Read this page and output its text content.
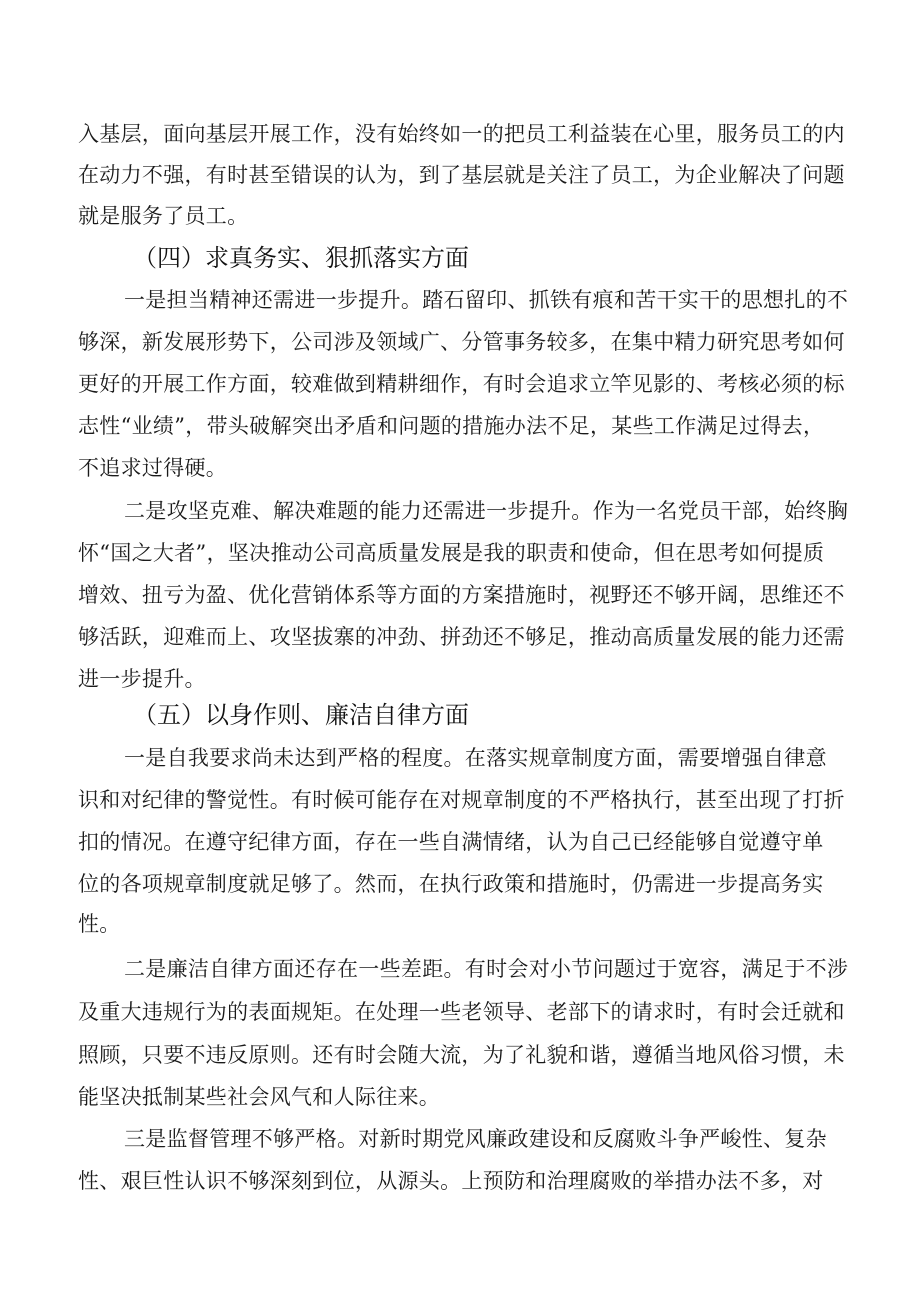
入基层，面向基层开展工作，没有始终如一的把员工利益装在心里，服务员工的内
在动力不强，有时甚至错误的认为，到了基层就是关注了员工，为企业解决了问题
就是服务了员工。
（四）求真务实、狠抓落实方面
一是担当精神还需进一步提升。踏石留印、抓铁有痕和苦干实干的思想扎的不
够深，新发展形势下，公司涉及领域广、分管事务较多，在集中精力研究思考如何
更好的开展工作方面，较难做到精耕细作，有时会追求立竿见影的、考核必须的标
志性“业绩”，带头破解突出矛盾和问题的措施办法不足，某些工作满足过得去，
不追求过得硬。
二是攻坚克难、解决难题的能力还需进一步提升。作为一名党员干部，始终胸
怀“国之大者”，坚决推动公司高质量发展是我的职责和使命，但在思考如何提质
增效、扭亏为盈、优化营销体系等方面的方案措施时，视野还不够开阔，思维还不
够活跃，迎难而上、攻坚拔寨的冲劲、拼劲还不够足，推动高质量发展的能力还需
进一步提升。
（五）以身作则、廉洁自律方面
一是自我要求尚未达到严格的程度。在落实规章制度方面，需要增强自律意
识和对纪律的警觉性。有时候可能存在对规章制度的不严格执行，甚至出现了打折
扣的情况。在遵守纪律方面，存在一些自满情绪，认为自己已经能够自觉遵守单
位的各项规章制度就足够了。然而，在执行政策和措施时，仍需进一步提高务实
性。
二是廉洁自律方面还存在一些差距。有时会对小节问题过于宽容，满足于不涉
及重大违规行为的表面规矩。在处理一些老领导、老部下的请求时，有时会迁就和
照顾，只要不违反原则。还有时会随大流，为了礼貌和谐，遵循当地风俗习惯，未
能坚决抵制某些社会风气和人际往来。
三是监督管理不够严格。对新时期党风廉政建设和反腐败斗争严峻性、复杂
性、艰巨性认识不够深刻到位，从源头。上预防和治理腐败的举措办法不多，对
